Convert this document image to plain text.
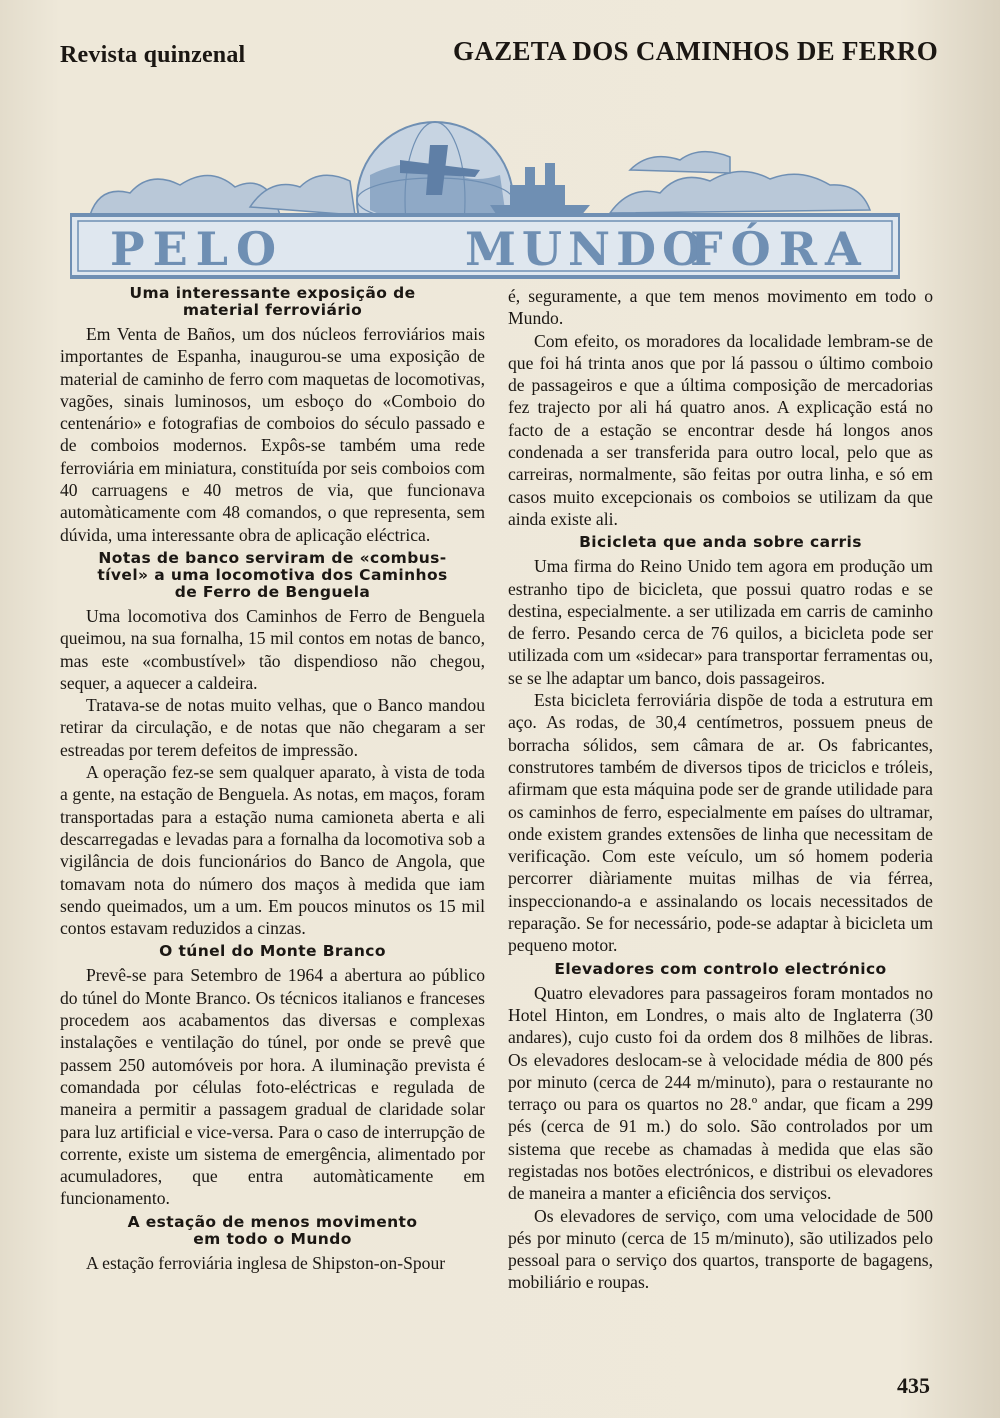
Revista quinzenal	GAZETA DOS CAMINHOS DE FERRO
PELO	MUNDO
FÓRA
Uma interessante exposição de
material ferroviário

Em Venta de Baños, um dos núcleos ferroviários mais importantes de Espanha, inaugurou-se uma exposição de material de caminho de ferro com maquetas de locomotivas, vagões, sinais luminosos, um esboço do «Comboio do centenário» e fotografias de comboios do século passado e de comboios modernos. Expôs-se também uma rede ferroviária em miniatura, constituída por seis comboios com 40 carruagens e 40 metros de via, que funcionava automàticamente com 48 comandos, o que representa, sem dúvida, uma interessante obra de aplicação eléctrica.

Notas de banco serviram de «combus-
tível» a uma locomotiva dos Caminhos
de Ferro de Benguela

Uma locomotiva dos Caminhos de Ferro de Benguela queimou, na sua fornalha, 15 mil contos em notas de banco, mas este «combustível» tão dispendioso não chegou, sequer, a aquecer a caldeira.

Tratava-se de notas muito velhas, que o Banco mandou retirar da circulação, e de notas que não chegaram a ser estreadas por terem defeitos de impressão.

A operação fez-se sem qualquer aparato, à vista de toda a gente, na estação de Benguela. As notas, em maços, foram transportadas para a estação numa camioneta aberta e ali descarregadas e levadas para a fornalha da locomotiva sob a vigilância de dois funcionários do Banco de Angola, que tomavam nota do número dos maços à medida que iam sendo queimados, um a um. Em poucos minutos os 15 mil contos estavam reduzidos a cinzas.

O túnel do Monte Branco

Prevê-se para Setembro de 1964 a abertura ao público do túnel do Monte Branco. Os técnicos italianos e franceses procedem aos acabamentos das diversas e complexas instalações e ventilação do túnel, por onde se prevê que passem 250 automóveis por hora. A iluminação prevista é comandada por células foto-eléctricas e regulada de maneira a permitir a passagem gradual de claridade solar para luz artificial e vice-versa. Para o caso de interrupção de corrente, existe um sistema de emergência, alimentado por acumuladores, que entra automàticamente em funcionamento.

A estação de menos movimento
em todo o Mundo

A estação ferroviária inglesa de Shipston-on-Spour

é, seguramente, a que tem menos movimento em todo o Mundo.

Com efeito, os moradores da localidade lembram-se de que foi há trinta anos que por lá passou o último comboio de passageiros e que a última composição de mercadorias fez trajecto por ali há quatro anos. A explicação está no facto de a estação se encontrar desde há longos anos condenada a ser transferida para outro local, pelo que as carreiras, normalmente, são feitas por outra linha, e só em casos muito excepcionais os comboios se utilizam da que ainda existe ali.

Bicicleta que anda sobre carris

Uma firma do Reino Unido tem agora em produção um estranho tipo de bicicleta, que possui quatro rodas e se destina, especialmente. a ser utilizada em carris de caminho de ferro. Pesando cerca de 76 quilos, a bicicleta pode ser utilizada com um «sidecar» para transportar ferramentas ou, se se lhe adaptar um banco, dois passageiros.

Esta bicicleta ferroviária dispõe de toda a estrutura em aço. As rodas, de 30,4 centímetros, possuem pneus de borracha sólidos, sem câmara de ar. Os fabricantes, construtores também de diversos tipos de triciclos e tróleis, afirmam que esta máquina pode ser de grande utilidade para os caminhos de ferro, especialmente em países do ultramar, onde existem grandes extensões de linha que necessitam de verificação. Com este veículo, um só homem poderia percorrer diàriamente muitas milhas de via férrea, inspeccionando-a e assinalando os locais necessitados de reparação. Se for necessário, pode-se adaptar à bicicleta um pequeno motor.

Elevadores com controlo electrónico

Quatro elevadores para passageiros foram montados no Hotel Hinton, em Londres, o mais alto de Inglaterra (30 andares), cujo custo foi da ordem dos 8 milhões de libras. Os elevadores deslocam-se à velocidade média de 800 pés por minuto (cerca de 244 m/minuto), para o restaurante no terraço ou para os quartos no 28.º andar, que ficam a 299 pés (cerca de 91 m.) do solo. São controlados por um sistema que recebe as chamadas à medida que elas são registadas nos botões electrónicos, e distribui os elevadores de maneira a manter a eficiência dos serviços.

Os elevadores de serviço, com uma velocidade de 500 pés por minuto (cerca de 15 m/minuto), são utilizados pelo pessoal para o serviço dos quartos, transporte de bagagens, mobiliário e roupas.

435
